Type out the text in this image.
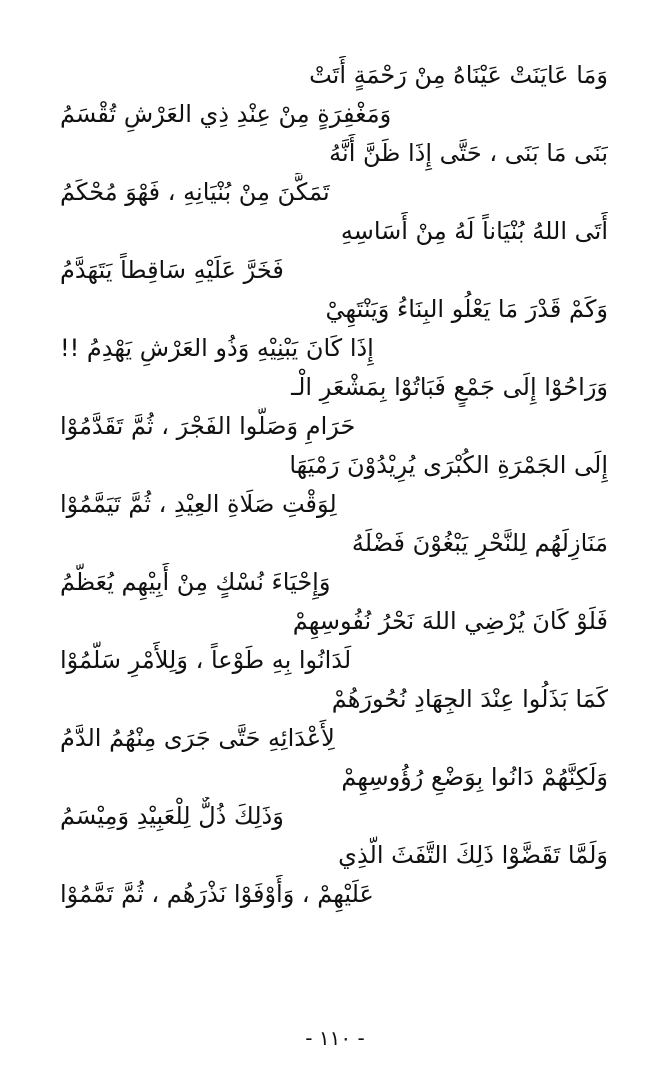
وَمَا عَايَنَتْ عَيْنَاهُ مِنْ رَحْمَةٍ أَتَتْ
وَمَغْفِرَةٍ مِنْ عِنْدِ ذِي العَرْشِ تُقْسَمُ
بَنَى مَا بَنَى ، حَتَّى إِذَا ظَنَّ أَنَّهُ
تَمَكَّنَ مِنْ بُنْيَانِهِ ، فَهْوَ مُحْكَمُ
أَتَى اللهُ بُنْيَاناً لَهُ مِنْ أَسَاسِهِ
فَخَرَّ عَلَيْهِ سَاقِطاً يَتَهَدَّمُ
وَكَمْ قَدْرَ مَا يَعْلُو البِنَاءُ وَيَنْتَهِيْ
إِذَا كَانَ يَبْنِيْهِ وَذُو العَرْشِ يَهْدِمُ !!
وَرَاحُوْا إِلَى جَمْعٍ فَبَاتُوْا بِمَشْعَرِ الْـ
حَرَامِ وَصَلُّوا الفَجْرَ ، ثُمَّ تَقَدَّمُوْا
إِلَى الجَمْرَةِ الكُبْرَى يُرِيْدُوْنَ رَمْيَهَا
لِوَقْتِ صَلَاةِ العِيْدِ ، ثُمَّ تَيَمَّمُوْا
مَنَازِلَهُم لِلنَّحْرِ يَبْغُوْنَ فَضْلَهُ
وَإِحْيَاءَ نُسْكٍ مِنْ أَبِيْهِم يُعَظَّمُ
فَلَوْ كَانَ يُرْضِي اللهَ نَحْرُ نُفُوسِهِمْ
لَدَانُوا بِهِ طَوْعاً ، وَلِلأَمْرِ سَلَّمُوْا
كَمَا بَذَلُوا عِنْدَ الجِهَادِ نُحُورَهُمْ
لِأَعْدَائِهِ حَتَّى جَرَى مِنْهُمُ الدَّمُ
وَلَكِنَّهُمْ دَانُوا بِوَضْعِ رُؤُوسِهِمْ
وَذَلِكَ ذُلٌّ لِلْعَبِيْدِ وَمِيْسَمُ
وَلَمَّا تَقَضَّوْا ذَلِكَ التَّفَثَ الَّذِي
عَلَيْهِمْ ، وَأَوْفَوْا نَذْرَهُم ، ثُمَّ تَمَّمُوْا
- ١١٠ -
